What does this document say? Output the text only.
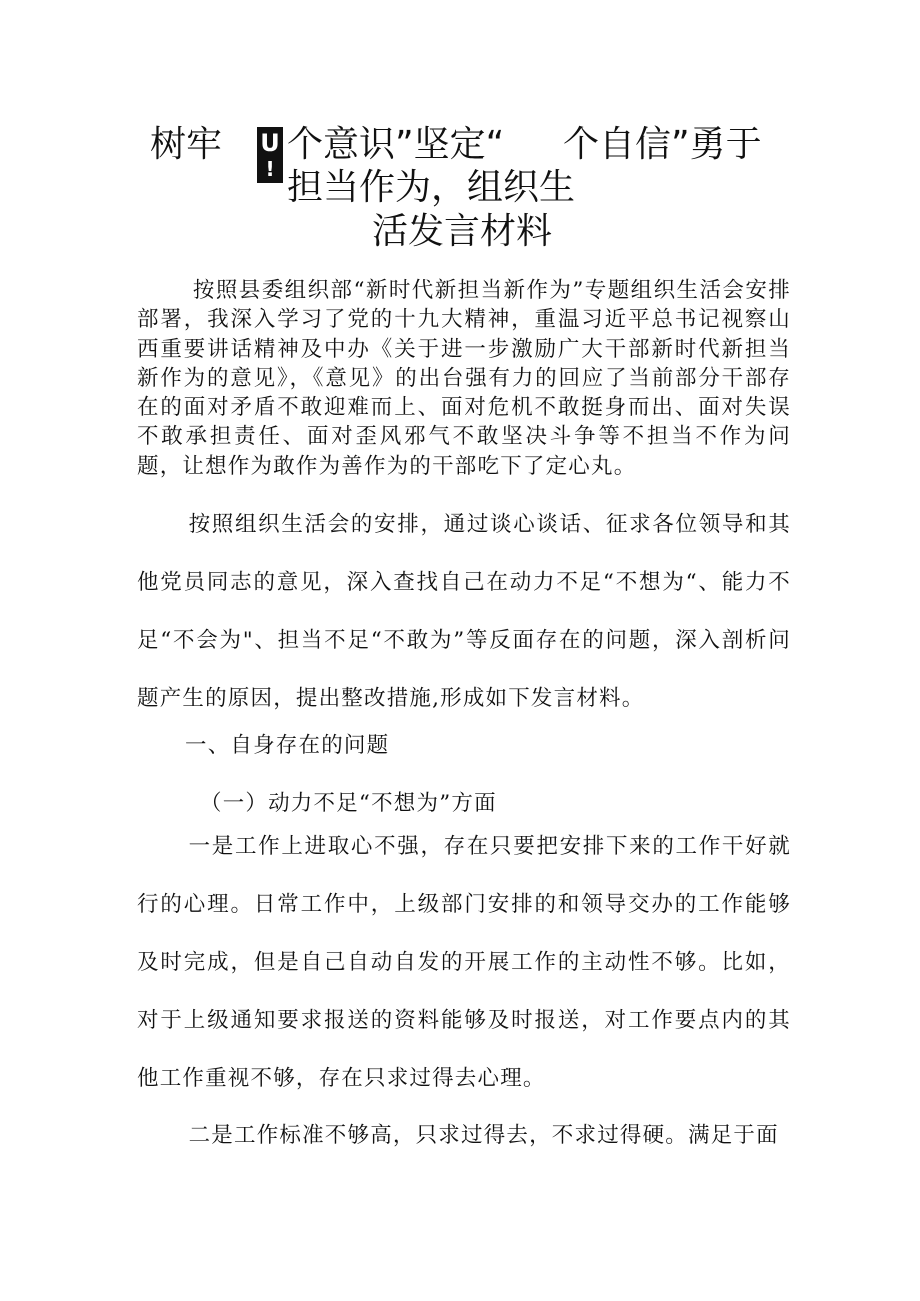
树牢 U
!
个意识”坚定“ 个自信”勇于
担当作为，组织生
活发言材料

按照县委组织部“新时代新担当新作为”专题组织生活会安排部署，我深入学习了党的十九大精神，重温习近平总书记视察山西重要讲话精神及中办《关于进一步激励广大干部新时代新担当新作为的意见》，《意见》的出台强有力的回应了当前部分干部存在的面对矛盾不敢迎难而上、面对危机不敢挺身而出、面对失误不敢承担责任、面对歪风邪气不敢坚决斗争等不担当不作为问题，让想作为敢作为善作为的干部吃下了定心丸。

按照组织生活会的安排，通过谈心谈话、征求各位领导和其他党员同志的意见，深入查找自己在动力不足“不想为“、能力不足“不会为"、担当不足“不敢为”等反面存在的问题，深入剖析问题产生的原因，提出整改措施,形成如下发言材料。

一、自身存在的问题

（一）动力不足“不想为”方面

一是工作上进取心不强，存在只要把安排下来的工作干好就行的心理。日常工作中，上级部门安排的和领导交办的工作能够及时完成，但是自己自动自发的开展工作的主动性不够。比如，对于上级通知要求报送的资料能够及时报送，对工作要点内的其他工作重视不够，存在只求过得去心理。

二是工作标准不够高，只求过得去，不求过得硬。满足于面
